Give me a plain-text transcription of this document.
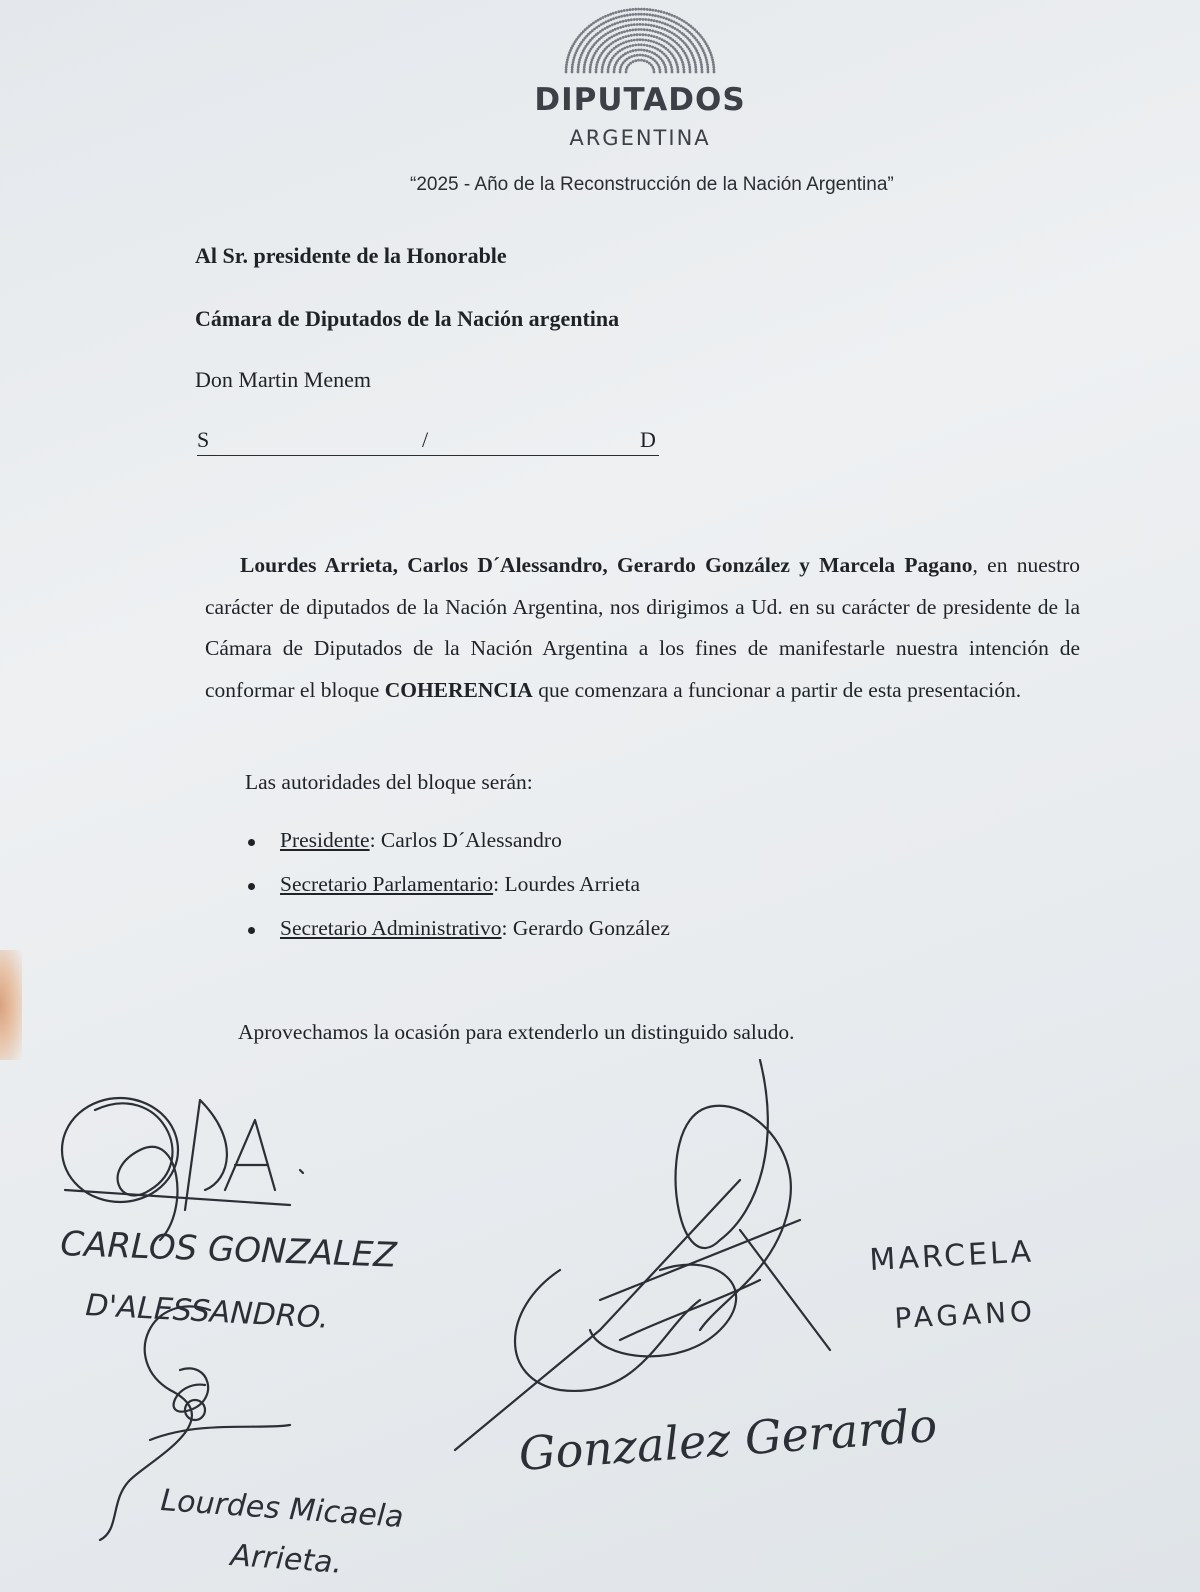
DIPUTADOS
ARGENTINA
“2025 - Año de la Reconstrucción de la Nación Argentina”
Al Sr. presidente de la Honorable
Cámara de Diputados de la Nación argentina
Don Martin Menem
S	/	D
Lourdes Arrieta, Carlos D´Alessandro, Gerardo González y Marcela Pagano, en nuestro carácter de diputados de la Nación Argentina, nos dirigimos a Ud. en su carácter de presidente de la Cámara de Diputados de la Nación Argentina a los fines de manifestarle nuestra intención de conformar el bloque COHERENCIA que comenzara a funcionar a partir de esta presentación.
Las autoridades del bloque serán:
Presidente: Carlos D´Alessandro
Secretario Parlamentario: Lourdes Arrieta
Secretario Administrativo: Gerardo González
Aprovechamos la ocasión para extenderlo un distinguido saludo.
CARLOS GONZALEZ
D'ALESSANDRO.
MARCELA
PAGANO
Gonzalez Gerardo
Lourdes Micaela
Arrieta.
